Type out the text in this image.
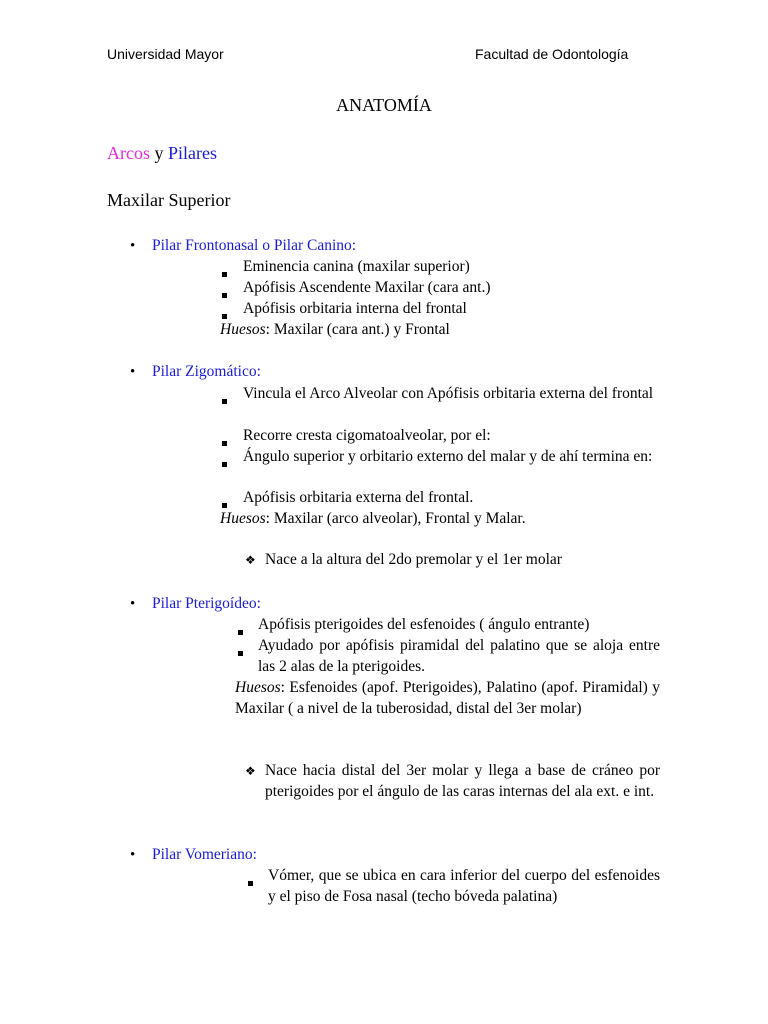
Universidad Mayor	Facultad de Odontología
ANATOMÍA
Arcos y Pilares
Maxilar Superior
• Pilar Frontonasal o Pilar Canino:
Eminencia canina (maxilar superior)
Apófisis Ascendente Maxilar (cara ant.)
Apófisis orbitaria interna del frontal
Huesos: Maxilar (cara ant.) y Frontal
• Pilar Zigomático:
Vincula el Arco Alveolar con Apófisis orbitaria externa del frontal
Recorre cresta cigomatoalveolar, por el:
Ángulo superior y orbitario externo del malar y de ahí termina en:
Apófisis orbitaria externa del frontal.
Huesos: Maxilar (arco alveolar), Frontal y Malar.
❖ Nace a la altura del 2do premolar y el 1er molar
• Pilar Pterigoídeo:
Apófisis pterigoides del esfenoides ( ángulo entrante)
Ayudado por apófisis piramidal del palatino que se aloja entre las 2 alas de la pterigoides.
Huesos: Esfenoides (apof. Pterigoides), Palatino (apof. Piramidal) y Maxilar ( a nivel de la tuberosidad, distal del 3er molar)
❖ Nace hacia distal del 3er molar y llega a base de cráneo por pterigoides por el ángulo de las caras internas del ala ext. e int.
• Pilar Vomeriano:
Vómer, que se ubica en cara inferior del cuerpo del esfenoides y el piso de Fosa nasal (techo bóveda palatina)
